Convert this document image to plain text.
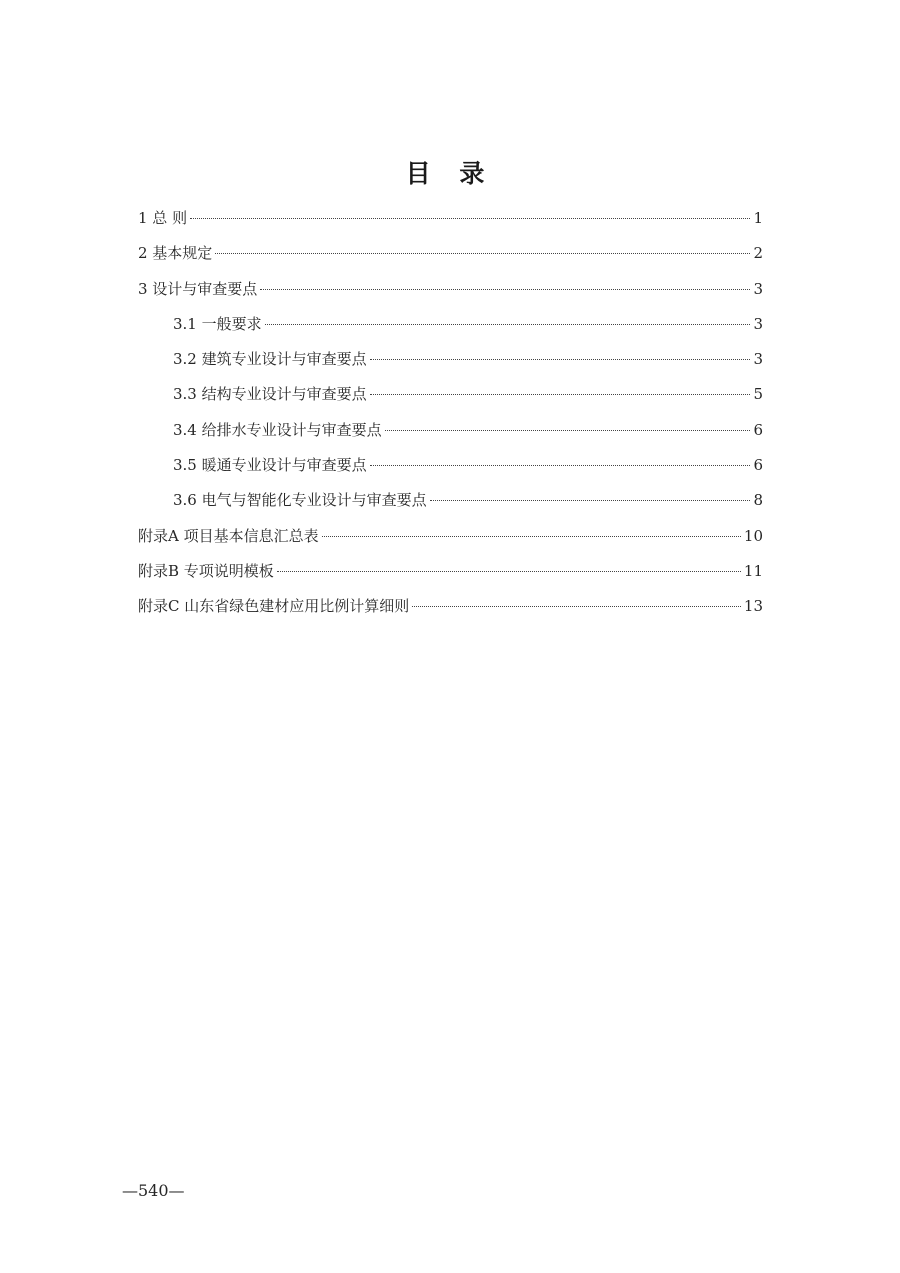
目 录
1 总 则	1
2 基本规定	2
3 设计与审查要点	3
3.1 一般要求	3
3.2 建筑专业设计与审查要点	3
3.3 结构专业设计与审查要点	5
3.4 给排水专业设计与审查要点	6
3.5 暖通专业设计与审查要点	6
3.6 电气与智能化专业设计与审查要点	8
附录A 项目基本信息汇总表	10
附录B 专项说明模板	11
附录C 山东省绿色建材应用比例计算细则	13
—540—
